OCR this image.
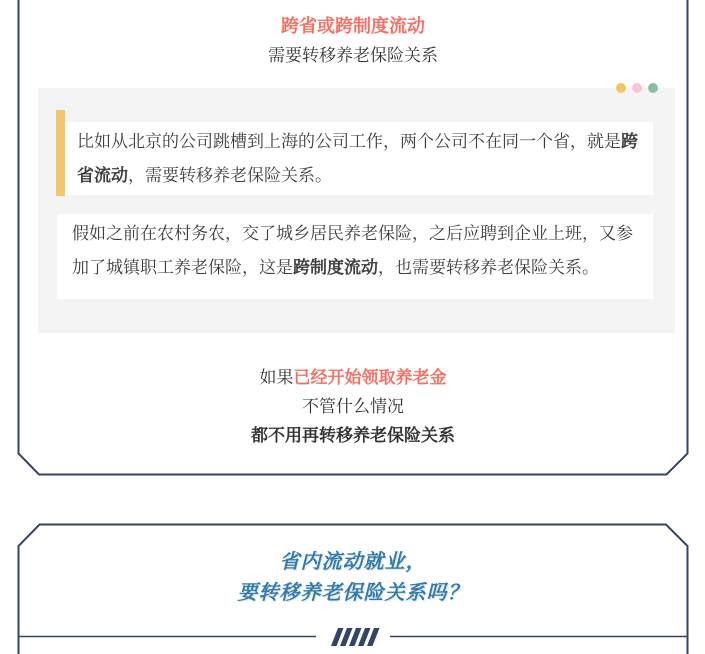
跨省或跨制度流动
需要转移养老保险关系

比如从北京的公司跳槽到上海的公司工作，两个公司不在同一个省，就是跨省流动，需要转移养老保险关系。

假如之前在农村务农，交了城乡居民养老保险，之后应聘到企业上班，又参加了城镇职工养老保险，这是跨制度流动，也需要转移养老保险关系。

如果已经开始领取养老金

不管什么情况

都不用再转移养老保险关系

省内流动就业，

要转移养老保险关系吗？
